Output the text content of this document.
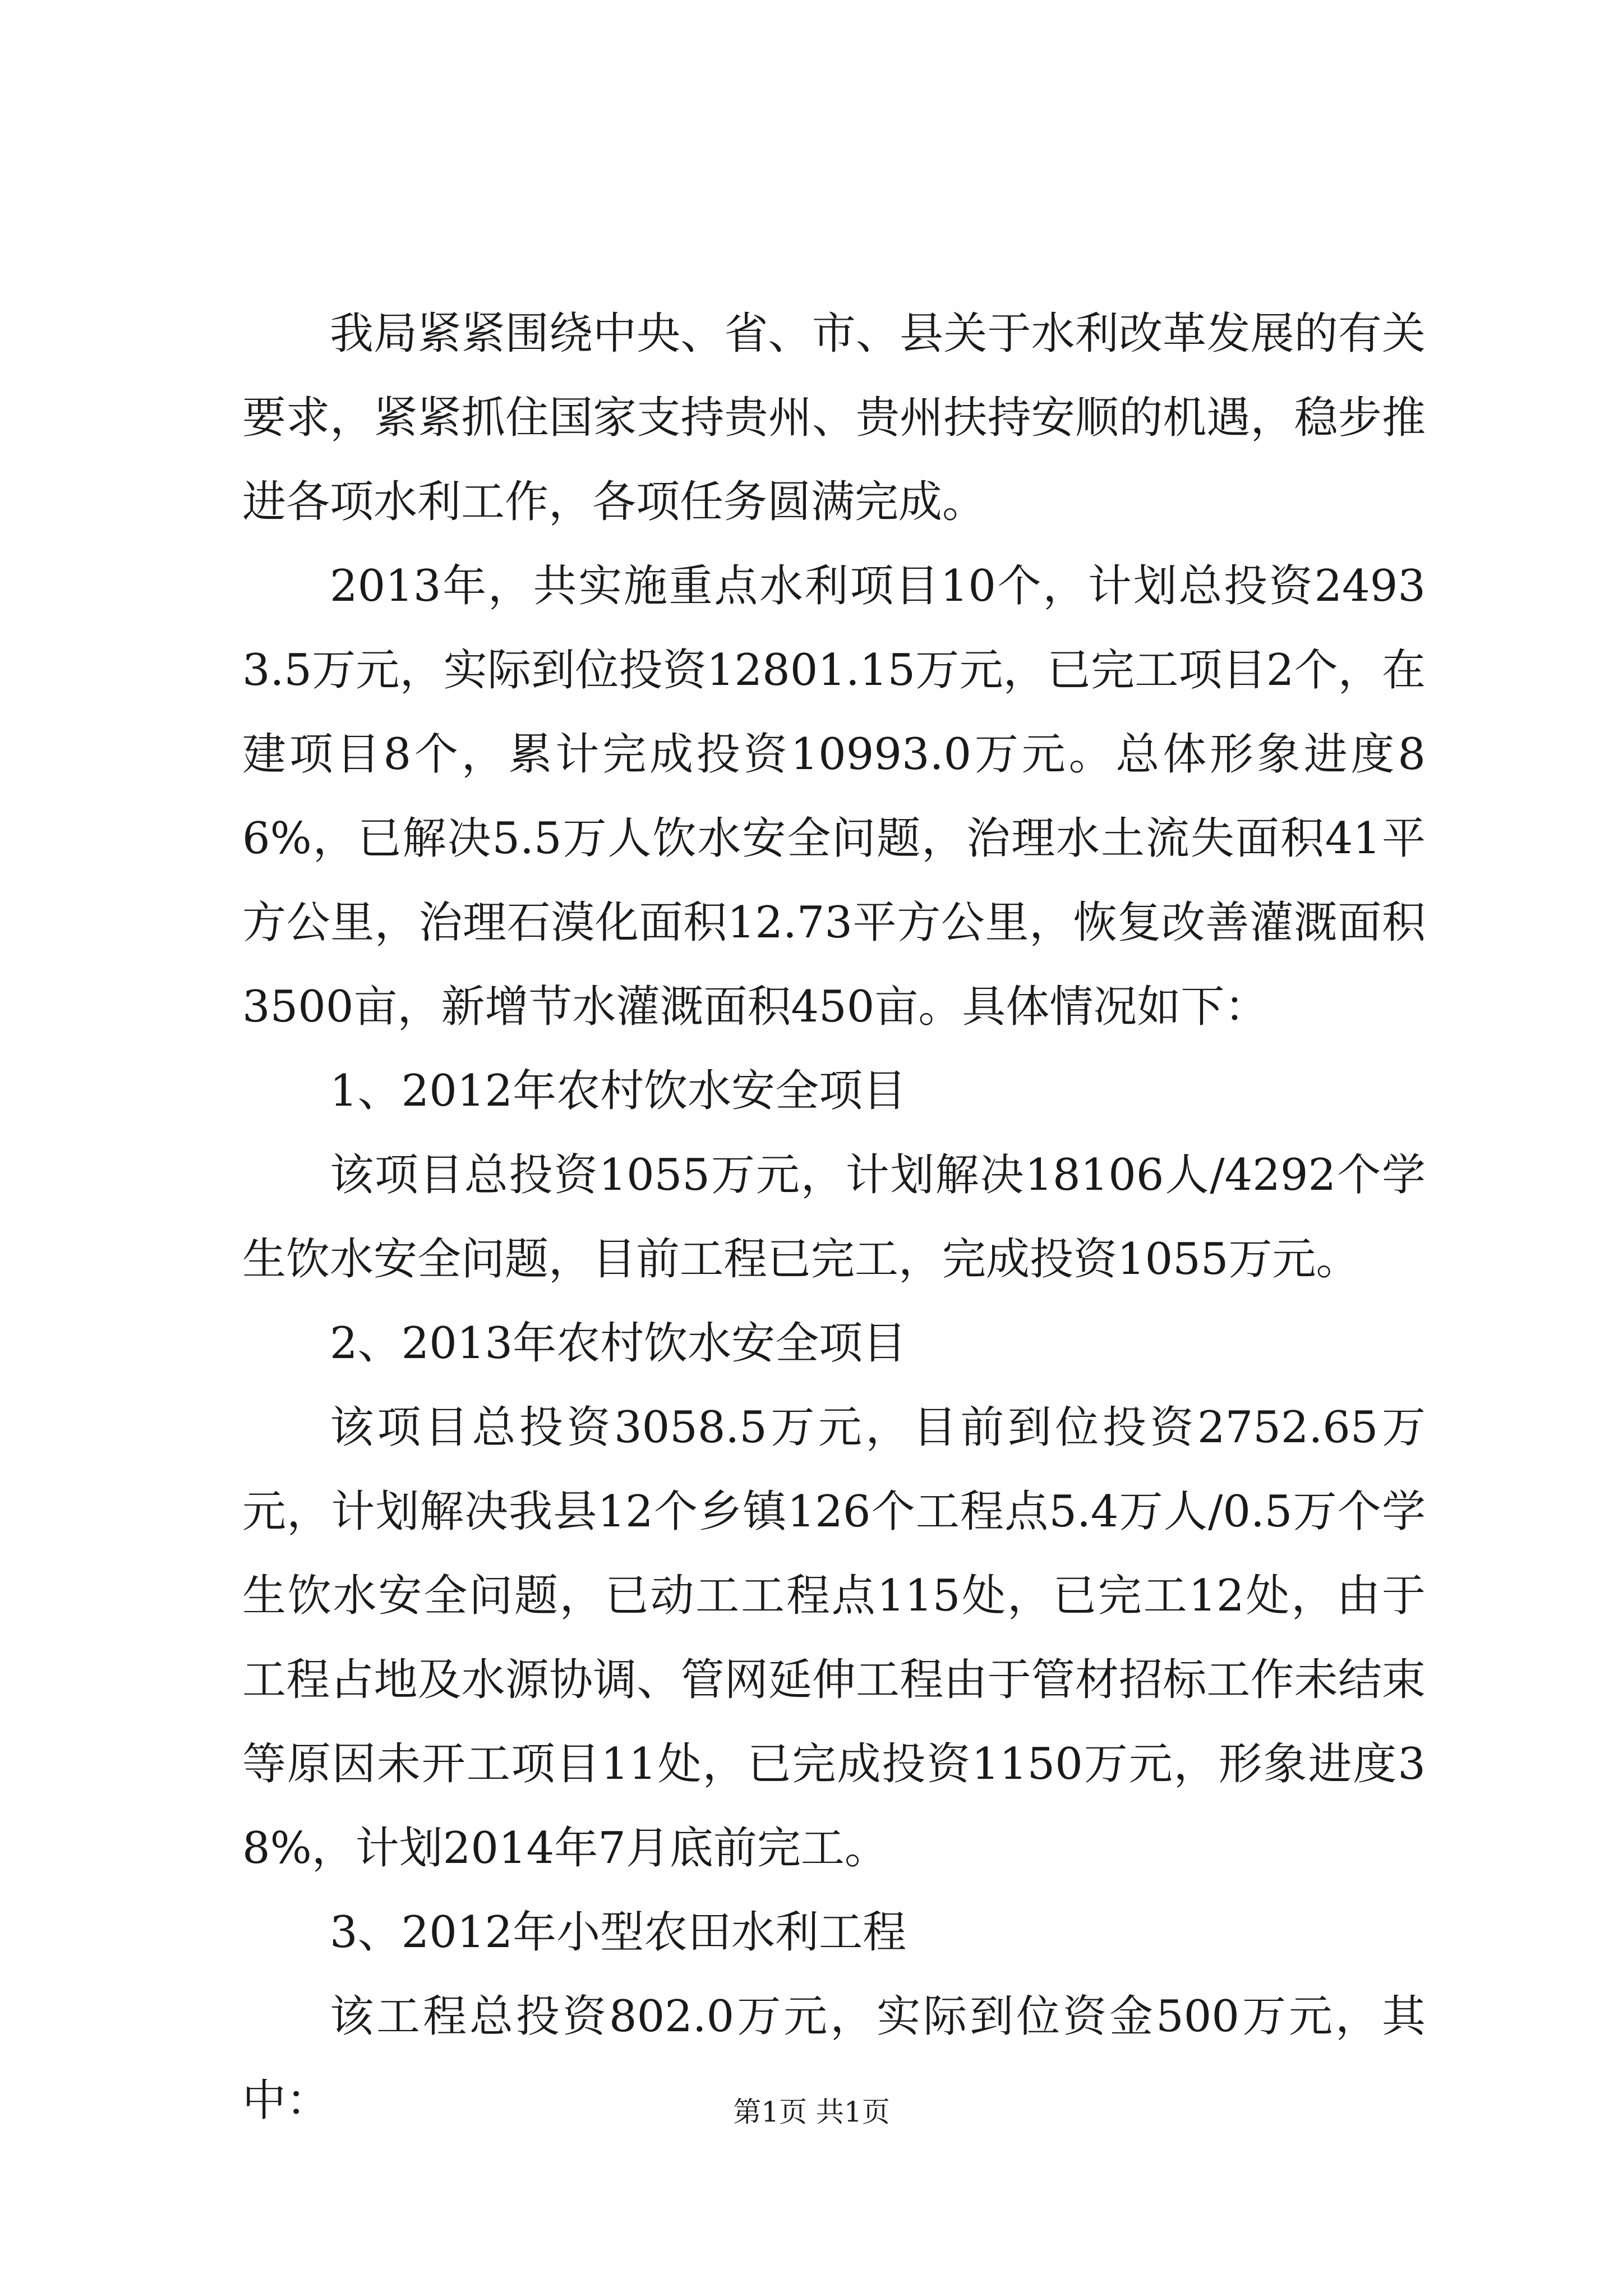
我局紧紧围绕中央、省、市、县关于水利改革发展的有关要求，紧紧抓住国家支持贵州、贵州扶持安顺的机遇，稳步推进各项水利工作，各项任务圆满完成。

2013年，共实施重点水利项目10个，计划总投资24933.5万元，实际到位投资12801.15万元，已完工项目2个，在建项目8个，累计完成投资10993.0万元。总体形象进度86%，已解决5.5万人饮水安全问题，治理水土流失面积41平方公里，治理石漠化面积12.73平方公里，恢复改善灌溉面积3500亩，新增节水灌溉面积450亩。具体情况如下：

1、2012年农村饮水安全项目

该项目总投资1055万元，计划解决18106人/4292个学生饮水安全问题，目前工程已完工，完成投资1055万元。

2、2013年农村饮水安全项目

该项目总投资3058.5万元，目前到位投资2752.65万元，计划解决我县12个乡镇126个工程点5.4万人/0.5万个学生饮水安全问题，已动工工程点115处，已完工12处，由于工程占地及水源协调、管网延伸工程由于管材招标工作未结束等原因未开工项目11处，已完成投资1150万元，形象进度38%，计划2014年7月底前完工。

3、2012年小型农田水利工程

该工程总投资802.0万元，实际到位资金500万元，其中：	第1页 共1页
